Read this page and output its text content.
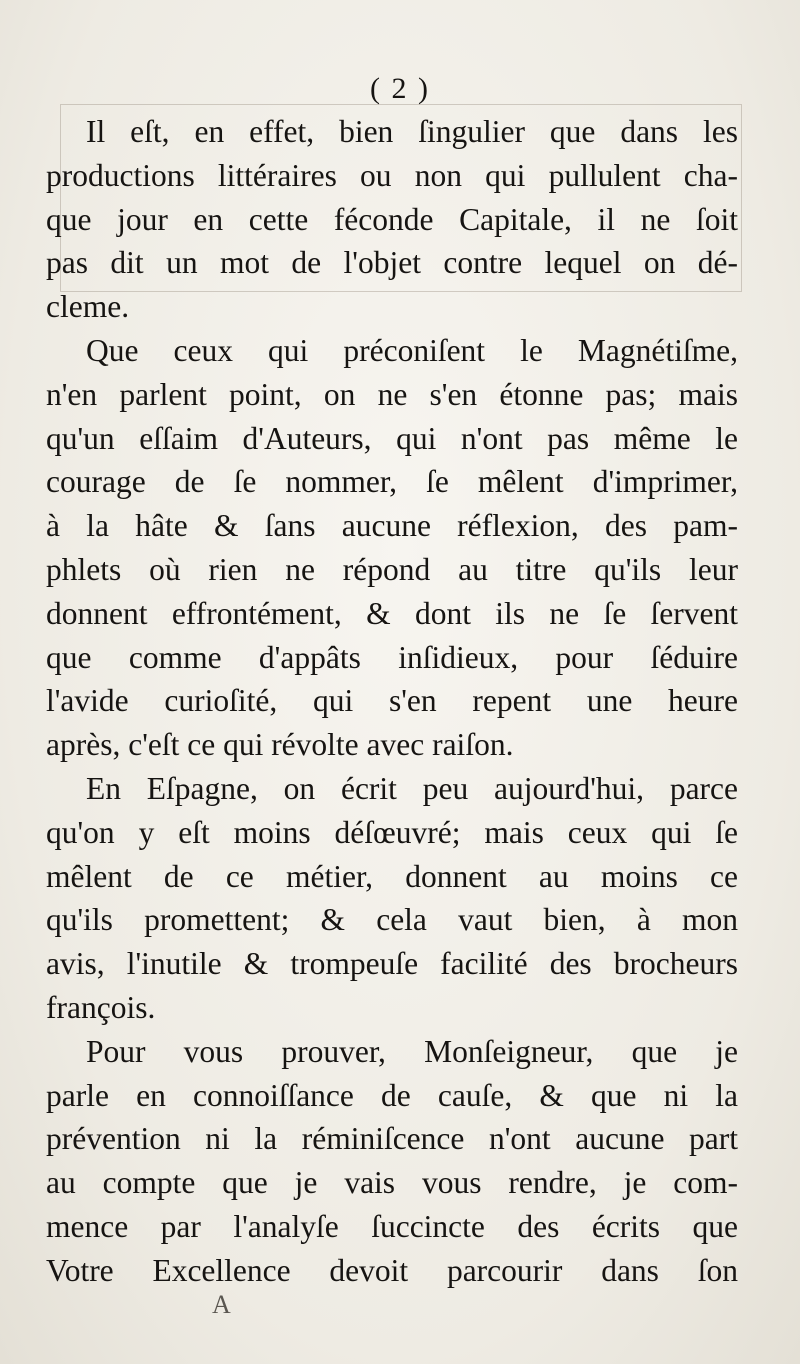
( 2 )
Il eſt, en effet, bien ſingulier que dans les
productions littéraires ou non qui pullulent cha-
que jour en cette féconde Capitale, il ne ſoit
pas dit un mot de l'objet contre lequel on dé-
cleme.
Que ceux qui préconiſent le Magnétiſme,
n'en parlent point, on ne s'en étonne pas; mais
qu'un eſſaim d'Auteurs, qui n'ont pas même le
courage de ſe nommer, ſe mêlent d'imprimer,
à la hâte & ſans aucune réflexion, des pam-
phlets où rien ne répond au titre qu'ils leur
donnent effrontément, & dont ils ne ſe ſervent
que comme d'appâts inſidieux, pour ſéduire
l'avide curioſité, qui s'en repent une heure
après, c'eſt ce qui révolte avec raiſon.
En Eſpagne, on écrit peu aujourd'hui, parce
qu'on y eſt moins déſœuvré; mais ceux qui ſe
mêlent de ce métier, donnent au moins ce
qu'ils promettent; & cela vaut bien, à mon
avis, l'inutile & trompeuſe facilité des brocheurs
françois.
Pour vous prouver, Monſeigneur, que je
parle en connoiſſance de cauſe, & que ni la
prévention ni la réminiſcence n'ont aucune part
au compte que je vais vous rendre, je com-
mence par l'analyſe ſuccincte des écrits que
Votre Excellence devoit parcourir dans ſon
A
